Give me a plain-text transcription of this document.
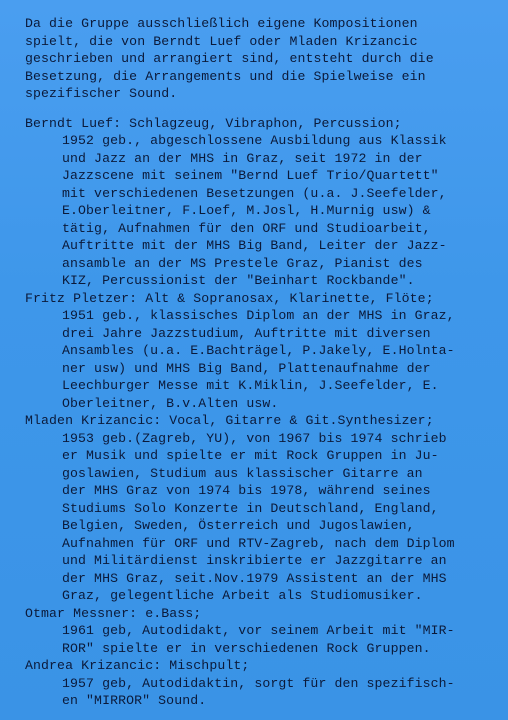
Da die Gruppe ausschließlich eigene Kompositionen
spielt, die von Berndt Luef oder Mladen Krizancic
geschrieben und arrangiert sind, entsteht durch die
Besetzung, die Arrangements und die Spielweise ein
spezifischer Sound.
Berndt Luef: Schlagzeug, Vibraphon, Percussion;
1952 geb., abgeschlossene Ausbildung aus Klassik
und Jazz an der MHS in Graz, seit 1972 in der
Jazzscene mit seinem "Bernd Luef Trio/Quartett"
mit verschiedenen Besetzungen (u.a. J.Seefelder,
E.Oberleitner, F.Loef, M.Josl, H.Murnig usw) &
tätig, Aufnahmen für den ORF und Studioarbeit,
Auftritte mit der MHS Big Band, Leiter der Jazz-
ansamble an der MS Prestele Graz, Pianist des
KIZ, Percussionist der "Beinhart Rockbande".
Fritz Pletzer: Alt & Sopranosax, Klarinette, Flöte;
1951 geb., klassisches Diplom an der MHS in Graz,
drei Jahre Jazzstudium, Auftritte mit diversen
Ansambles (u.a. E.Bachträgel, P.Jakely, E.Holnta-
ner usw) und MHS Big Band, Plattenaufnahme der
Leechburger Messe mit K.Miklin, J.Seefelder, E.
Oberleitner, B.v.Alten usw.
Mladen Krizancic: Vocal, Gitarre & Git.Synthesizer;
1953 geb.(Zagreb, YU), von 1967 bis 1974 schrieb
er Musik und spielte er mit Rock Gruppen in Ju-
goslawien, Studium aus klassischer Gitarre an
der MHS Graz von 1974 bis 1978, während seines
Studiums Solo Konzerte in Deutschland, England,
Belgien, Sweden, Österreich und Jugoslawien,
Aufnahmen für ORF und RTV-Zagreb, nach dem Diplom
und Militärdienst inskribierte er Jazzgitarre an
der MHS Graz, seit.Nov.1979 Assistent an der MHS
Graz, gelegentliche Arbeit als Studiomusiker.
Otmar Messner: e.Bass;
1961 geb, Autodidakt, vor seinem Arbeit mit "MIR-
ROR" spielte er in verschiedenen Rock Gruppen.
Andrea Krizancic: Mischpult;
1957 geb, Autodidaktin, sorgt für den spezifisch-
en "MIRROR" Sound.
